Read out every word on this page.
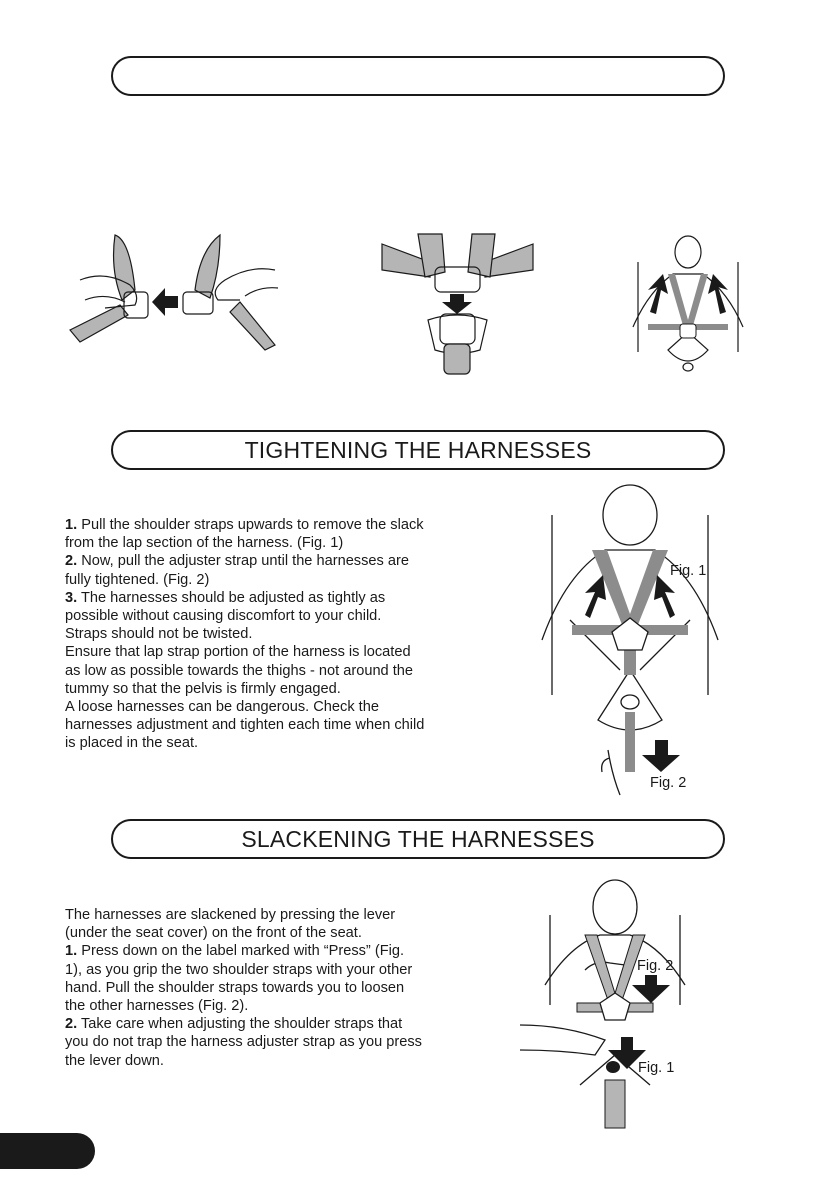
TIGHTENING THE HARNESSES

1. Pull the shoulder straps upwards to remove the slack from the lap section of the harness. (Fig. 1)

2. Now, pull the adjuster strap until the harnesses are fully tightened. (Fig. 2)

3. The harnesses should be adjusted as tightly as possible without causing discomfort to your child. Straps should not be twisted.

Ensure that lap strap portion of the harness is located as low as possible towards the thighs - not around the tummy so that the pelvis is firmly engaged.

A loose harnesses can be dangerous. Check the harnesses adjustment and tighten each time when child is placed in the seat.

Fig. 1
Fig. 2
SLACKENING THE HARNESSES

The harnesses are slackened by pressing the lever (under the seat cover) on the front of the seat.

1. Press down on the label marked with “Press” (Fig. 1), as you grip the two shoulder straps with your other hand. Pull the shoulder straps towards you to loosen the other harnesses (Fig. 2).

2. Take care when adjusting the shoulder straps that you do not trap the harness adjuster strap as you press the lever down.

Fig. 2
Fig. 1
